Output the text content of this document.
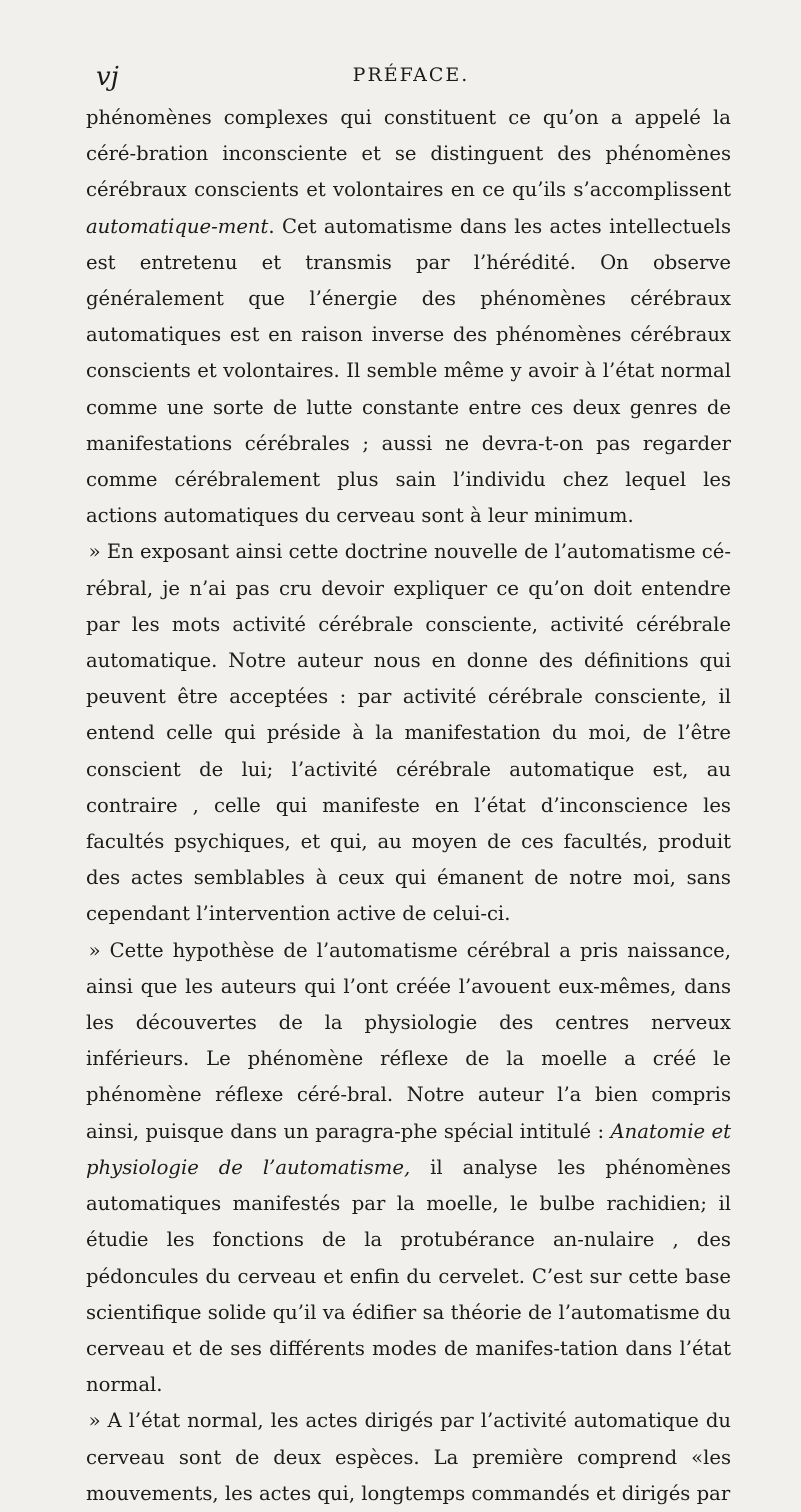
vj	PRÉFACE.

phénomènes complexes qui constituent ce qu’on a appelé la céré-bration inconsciente et se distinguent des phénomènes cérébraux conscients et volontaires en ce qu’ils s’accomplissent automatique-ment. Cet automatisme dans les actes intellectuels est entretenu et transmis par l’hérédité. On observe généralement que l’énergie des phénomènes cérébraux automatiques est en raison inverse des phénomènes cérébraux conscients et volontaires. Il semble même y avoir à l’état normal comme une sorte de lutte constante entre ces deux genres de manifestations cérébrales ; aussi ne devra-t-on pas regarder comme cérébralement plus sain l’individu chez lequel les actions automatiques du cerveau sont à leur minimum.

» En exposant ainsi cette doctrine nouvelle de l’automatisme cé-rébral, je n’ai pas cru devoir expliquer ce qu’on doit entendre par les mots activité cérébrale consciente, activité cérébrale automatique. Notre auteur nous en donne des définitions qui peuvent être acceptées : par activité cérébrale consciente, il entend celle qui préside à la manifestation du moi, de l’être conscient de lui; l’activité cérébrale automatique est, au contraire , celle qui manifeste en l’état d’inconscience les facultés psychiques, et qui, au moyen de ces facultés, produit des actes semblables à ceux qui émanent de notre moi, sans cependant l’intervention active de celui-ci.

» Cette hypothèse de l’automatisme cérébral a pris naissance, ainsi que les auteurs qui l’ont créée l’avouent eux-mêmes, dans les découvertes de la physiologie des centres nerveux inférieurs. Le phénomène réflexe de la moelle a créé le phénomène réflexe céré-bral. Notre auteur l’a bien compris ainsi, puisque dans un paragra-phe spécial intitulé : Anatomie et physiologie de l’automatisme, il analyse les phénomènes automatiques manifestés par la moelle, le bulbe rachidien; il étudie les fonctions de la protubérance an-nulaire , des pédoncules du cerveau et enfin du cervelet. C’est sur cette base scientifique solide qu’il va édifier sa théorie de l’automatisme du cerveau et de ses différents modes de manifes-tation dans l’état normal.

» A l’état normal, les actes dirigés par l’activité automatique du cerveau sont de deux espèces. La première comprend «les mouvements, les actes qui, longtemps commandés et dirigés par
